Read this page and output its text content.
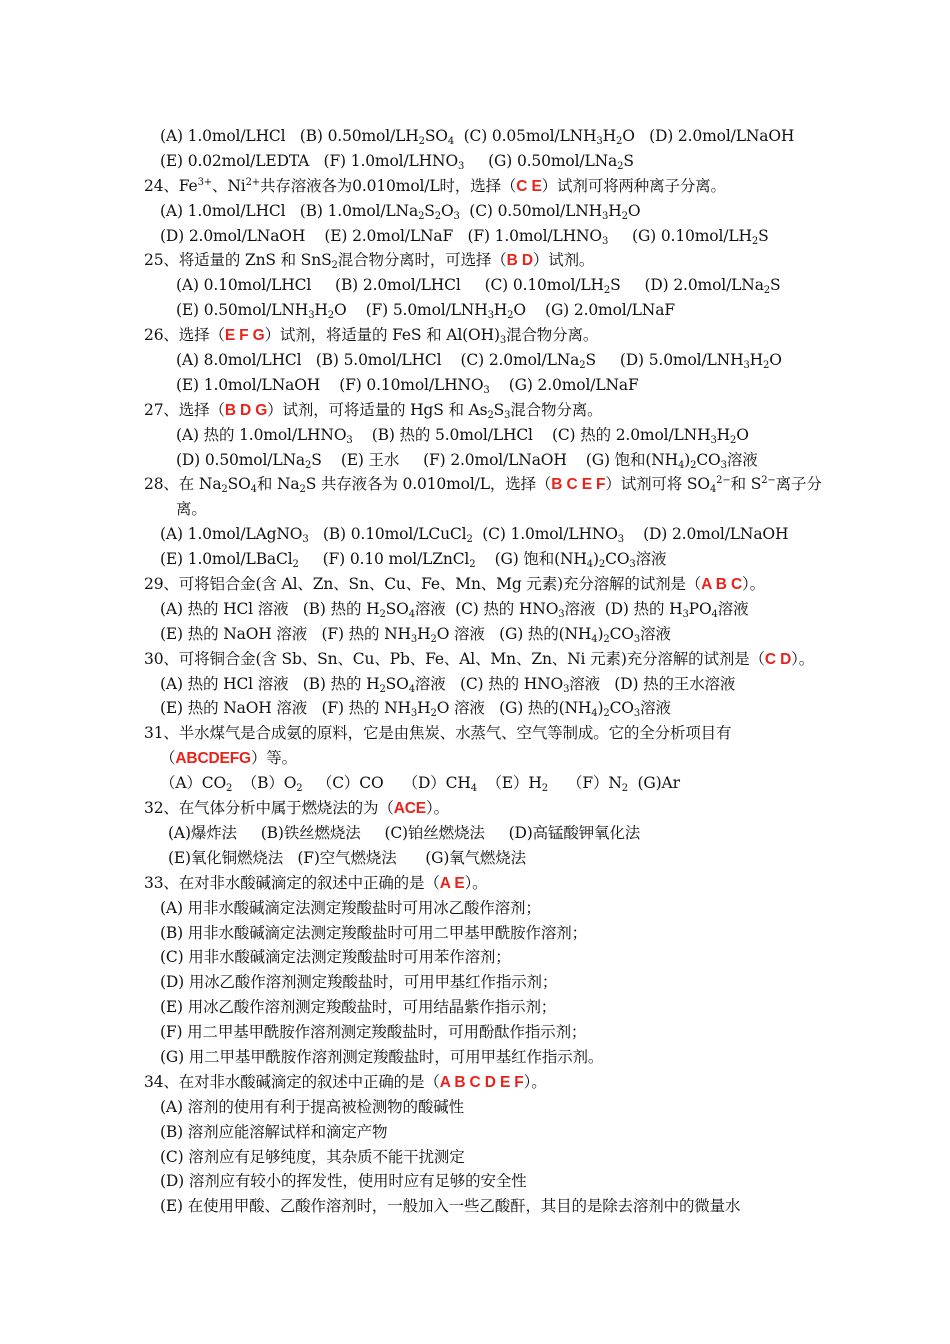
(A) 1.0mol/LHCl   (B) $0.50mol/LH_2SO_4$  (C) $0.05mol/LNH_3H_2O$   (D) 2.0mol/LNaOH
(E) 0.02mol/LEDTA   (F) $1.0mol/LHNO_3$     (G) 0.50mol/LNa$_2$S
24、$Fe^{3+}$、$Ni^{2+}$共存溶液各为0.010mol/L时，选择（C E）试剂可将两种离子分离。
(A) 1.0mol/LHCl   (B) $1.0mol/LNa_2S_2O_3$  (C) $0.50mol/LNH_3H_2O$
(D) 2.0mol/LNaOH    (E) 2.0mol/LNaF   (F) $1.0mol/LHNO_3$     (G) $0.10mol/LH_2S$
25、将适量的 ZnS 和 SnS$_2$混合物分离时，可选择（B D）试剂。
(A) 0.10mol/LHCl     (B) 2.0mol/LHCl     (C) $0.10mol/LH_2S$     (D) 2.0mol/LNa$_2$S
(E) $0.50mol/LNH_3H_2O$    (F) $5.0mol/LNH_3H_2O$    (G) 2.0mol/LNaF
26、选择（E F G）试剂，将适量的 FeS 和 $Al(OH)_3$混合物分离。
(A) 8.0mol/LHCl   (B) 5.0mol/LHCl    (C) 2.0mol/LNa$_2$S     (D) $5.0mol/LNH_3H_2O$
(E) 1.0mol/LNaOH    (F) $0.10mol/LHNO_3$    (G) 2.0mol/LNaF
27、选择（B D G）试剂，可将适量的 HgS 和 $As_2S_3$混合物分离。
(A) 热的 $1.0mol/LHNO_3$    (B) 热的 5.0mol/LHCl    (C) 热的 $2.0mol/LNH_3H_2O$
(D) 0.50mol/LNa$_2$S    (E) 王水     (F) 2.0mol/LNaOH    (G) 饱和$(NH_4)_2CO_3$溶液
28、在 $Na_2SO_4$和 $Na_2S$ 共存液各为 0.010mol/L，选择（B C E F）试剂可将 $SO_4^{2-}$和 $S^{2-}$离子分
离。
(A) 1.0mol/LAgNO$_3$   (B) 0.10mol/LCuCl$_2$  (C) $1.0mol/LHNO_3$    (D) 2.0mol/LNaOH
(E) 1.0mol/LBaCl$_2$     (F) 0.10 mol/LZnCl$_2$    (G) 饱和$(NH_4)_2CO_3$溶液
29、可将铝合金(含 Al、Zn、Sn、Cu、Fe、Mn、Mg 元素)充分溶解的试剂是（A B C）。
(A) 热的 HCl 溶液   (B) 热的 $H_2SO_4$溶液  (C) 热的 $HNO_3$溶液  (D) 热的 $H_3PO_4$溶液
(E) 热的 NaOH 溶液   (F) 热的 $NH_3H_2O$ 溶液   (G) 热的$(NH_4)_2CO_3$溶液
30、可将铜合金(含 Sb、Sn、Cu、Pb、Fe、Al、Mn、Zn、Ni 元素)充分溶解的试剂是（C D）。
(A) 热的 HCl 溶液   (B) 热的 $H_2SO_4$溶液   (C) 热的 $HNO_3$溶液   (D) 热的王水溶液
(E) 热的 NaOH 溶液   (F) 热的 $NH_3H_2O$ 溶液   (G) 热的$(NH_4)_2CO_3$溶液
31、半水煤气是合成氨的原料，它是由焦炭、水蒸气、空气等制成。它的全分析项目有
（ABCDEFG）等。
$(A)CO_2$  $(B)O_2$   （C）CO    $(D)CH_4$  $(E)H_2$    $(F)N_2$  (G)Ar
32、在气体分析中属于燃烧法的为（ACE）。
(A)爆炸法     (B)铁丝燃烧法     (C)铂丝燃烧法     (D)高锰酸钾氧化法
(E)氧化铜燃烧法   (F)空气燃烧法      (G)氧气燃烧法
33、在对非水酸碱滴定的叙述中正确的是（A E）。
(A) 用非水酸碱滴定法测定羧酸盐时可用冰乙酸作溶剂；
(B) 用非水酸碱滴定法测定羧酸盐时可用二甲基甲酰胺作溶剂；
(C) 用非水酸碱滴定法测定羧酸盐时可用苯作溶剂；
(D) 用冰乙酸作溶剂测定羧酸盐时，可用甲基红作指示剂；
(E) 用冰乙酸作溶剂测定羧酸盐时，可用结晶紫作指示剂；
(F) 用二甲基甲酰胺作溶剂测定羧酸盐时，可用酚酞作指示剂；
(G) 用二甲基甲酰胺作溶剂测定羧酸盐时，可用甲基红作指示剂。
34、在对非水酸碱滴定的叙述中正确的是（A B C D E F）。
(A) 溶剂的使用有利于提高被检测物的酸碱性
(B) 溶剂应能溶解试样和滴定产物
(C) 溶剂应有足够纯度，其杂质不能干扰测定
(D) 溶剂应有较小的挥发性，使用时应有足够的安全性
(E) 在使用甲酸、乙酸作溶剂时，一般加入一些乙酸酐，其目的是除去溶剂中的微量水
